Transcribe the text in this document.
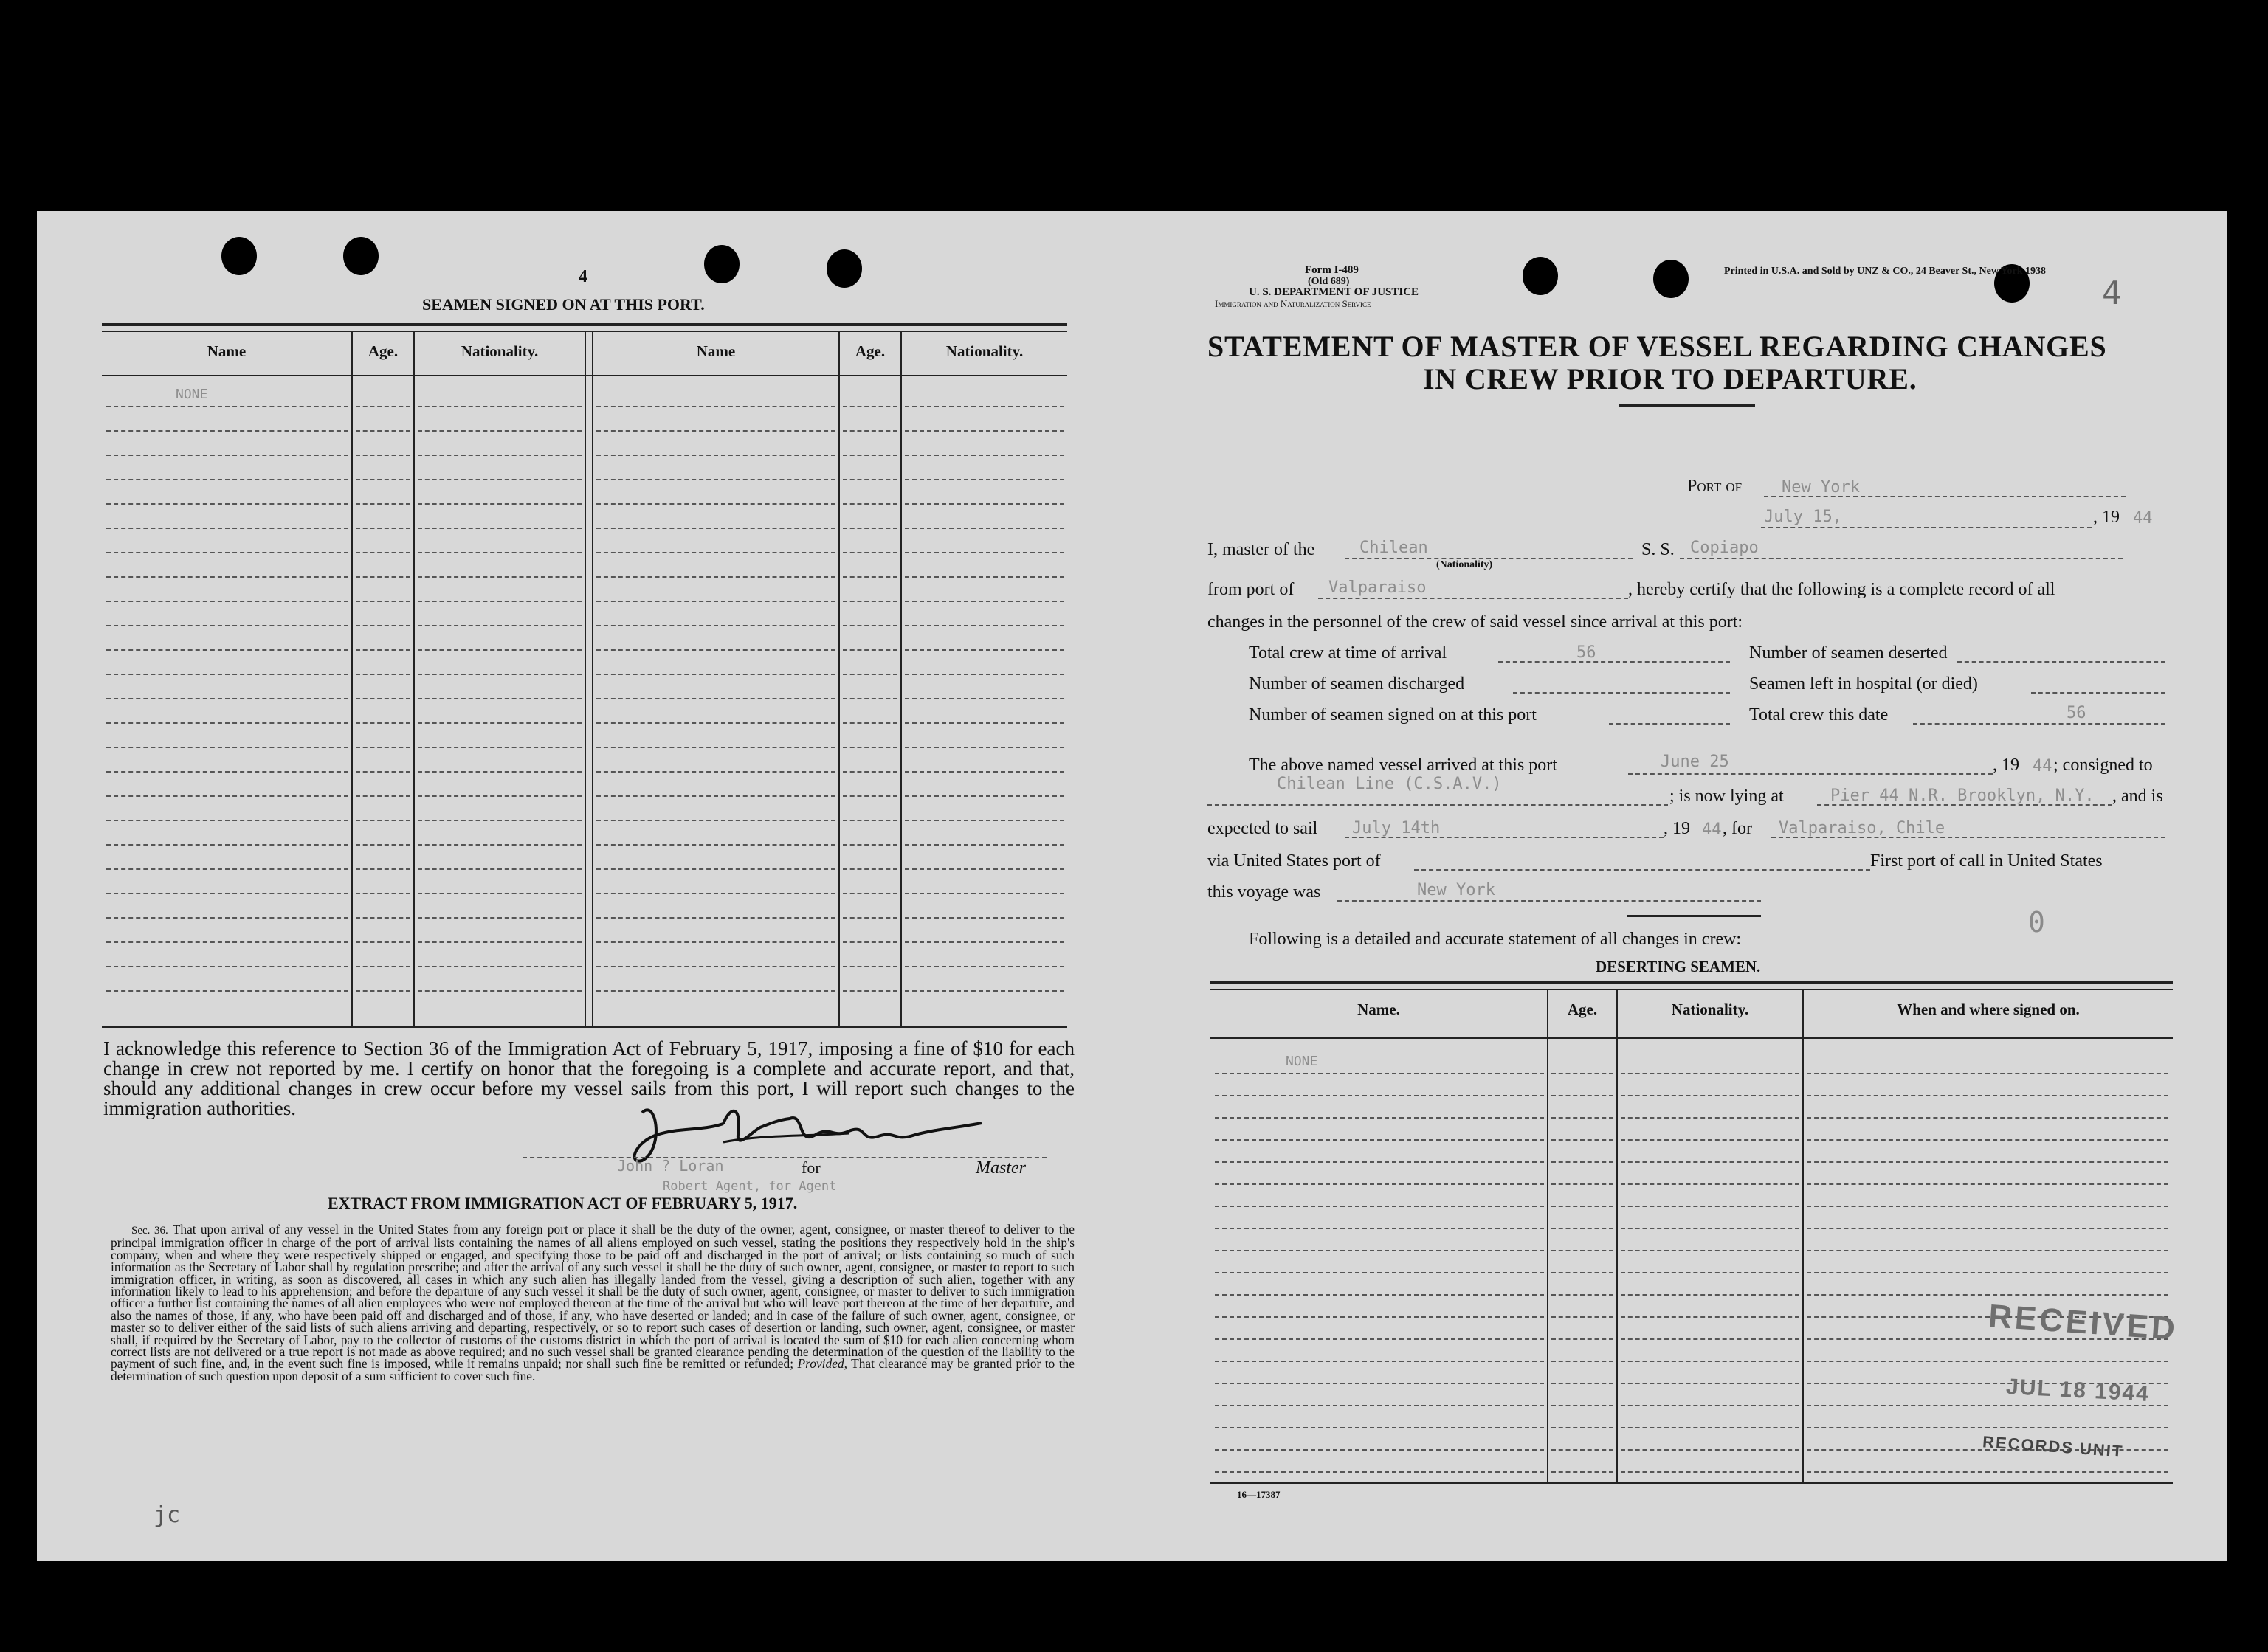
4
SEAMEN SIGNED ON AT THIS PORT.
Name	Age.	Nationality.	Name	Age.	Nationality.
NONE
I acknowledge this reference to Section 36 of the Immigration Act of February 5, 1917, imposing a fine of $10 for each change in crew not reported by me. I certify on honor that the foregoing is a complete and accurate report, and that, should any additional changes in crew occur before my vessel sails from this port, I will report such changes to the immigration authorities.
John ? Loran	for
Robert Agent, for Agent
Master
EXTRACT FROM IMMIGRATION ACT OF FEBRUARY 5, 1917.
Sec. 36. That upon arrival of any vessel in the United States from any foreign port or place it shall be the duty of the owner, agent, consignee, or master thereof to deliver to the principal immigration officer in charge of the port of arrival lists containing the names of all aliens employed on such vessel, stating the positions they respectively hold in the ship's company, when and where they were respectively shipped or engaged, and specifying those to be paid off and discharged in the port of arrival; or lists containing so much of such information as the Secretary of Labor shall by regulation prescribe; and after the arrival of any such vessel it shall be the duty of such owner, agent, consignee, or master to report to such immigration officer, in writing, as soon as discovered, all cases in which any such alien has illegally landed from the vessel, giving a description of such alien, together with any information likely to lead to his apprehension; and before the departure of any such vessel it shall be the duty of such owner, agent, consignee, or master to deliver to such immigration officer a further list containing the names of all alien employees who were not employed thereon at the time of the arrival but who will leave port thereon at the time of her departure, and also the names of those, if any, who have been paid off and discharged and of those, if any, who have deserted or landed; and in case of the failure of such owner, agent, consignee, or master so to deliver either of the said lists of such aliens arriving and departing, respectively, or so to report such cases of desertion or landing, such owner, agent, consignee, or master shall, if required by the Secretary of Labor, pay to the collector of customs of the customs district in which the port of arrival is located the sum of $10 for each alien concerning whom correct lists are not delivered or a true report is not made as above required; and no such vessel shall be granted clearance pending the determination of the question of the liability to the payment of such fine, and, in the event such fine is imposed, while it remains unpaid; nor shall such fine be remitted or refunded; Provided, That clearance may be granted prior to the determination of such question upon deposit of a sum sufficient to cover such fine.
jc
Form I-489
(Old 689)
U. S. DEPARTMENT OF JUSTICE
Immigration and Naturalization Service
Printed in U.S.A. and Sold by UNZ & CO., 24 Beaver St., New York 1938
4
STATEMENT OF MASTER OF VESSEL REGARDING CHANGES
IN CREW PRIOR TO DEPARTURE.
Port of New York
July 15,	, 19 44
I, master of the	Chilean
(Nationality)
S. S. Copiapo
from port of Valparaiso	, hereby certify that the following is a complete record of all
changes in the personnel of the crew of said vessel since arrival at this port:
Total crew at time of arrival	56
Number of seamen discharged
Number of seamen signed on at this port
Number of seamen deserted
Seamen left in hospital (or died)
Total crew this date	56
The above named vessel arrived at this port	June 25	, 19 44 ; consigned to
Chilean Line (C.S.A.V.)
; is now lying at	Pier 44 N.R. Brooklyn, N.Y. , and is
expected to sail July 14th	, 19 44 , for Valparaiso, Chile
via United States port of	First port of call in United States
this voyage was	New York
Following is a detailed and accurate statement of all changes in crew:
0
DESERTING SEAMEN.
Name.	Age.	Nationality.	When and where signed on.
NONE
RECEIVED
JUL 18 1944
RECORDS UNIT
16—17387
